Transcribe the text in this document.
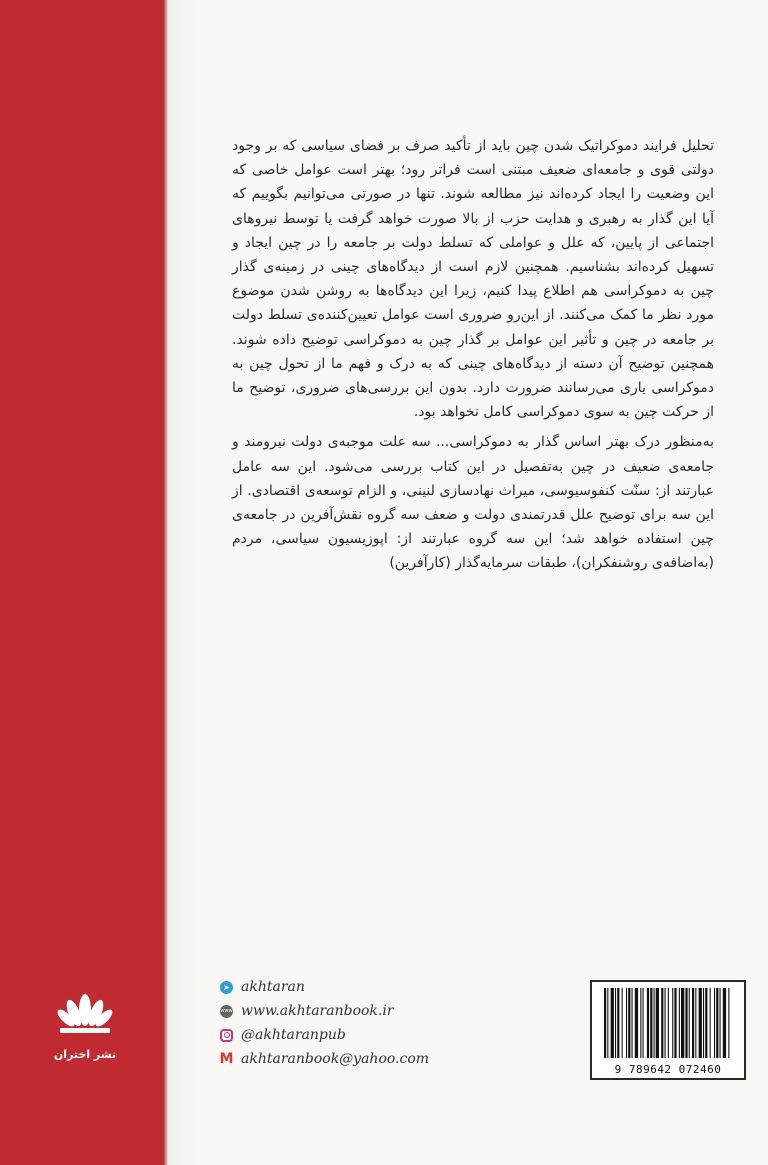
تحلیل فرایند دموکراتیک شدن چین باید از تأکید صرف بر فضای سیاسی که بر وجود دولتی قوی و جامعه‌ای ضعیف مبتنی است فراتر رود؛ بهتر است عوامل خاصی که این وضعیت را ایجاد کرده‌اند نیز مطالعه شوند. تنها در صورتی می‌توانیم بگوییم که آیا این گذار به رهبری و هدایت حزب از بالا صورت خواهد گرفت یا توسط نیروهای اجتماعی از پایین، که علل و عواملی که تسلط دولت بر جامعه را در چین ایجاد و تسهیل کرده‌اند بشناسیم. همچنین لازم است از دیدگاه‌های چینی در زمینه‌ی گذار چین به دموکراسی هم اطلاع پیدا کنیم، زیرا این دیدگاه‌ها به روشن شدن موضوع مورد نظر ما کمک می‌کنند. از این‌رو ضروری است عوامل تعیین‌کننده‌ی تسلط دولت بر جامعه در چین و تأثیر این عوامل بر گذار چین به دموکراسی توضیح داده شوند. همچنین توضیح آن دسته از دیدگاه‌های چینی که به درک و فهم ما از تحول چین به دموکراسی یاری می‌رسانند ضرورت دارد. بدون این بررسی‌های ضروری، توضیح ما از حرکت چین به سوی دموکراسی کامل نخواهد بود.

به‌منظور درک بهتر اساس گذار به دموکراسی... سه علت موجبه‌ی دولت نیرومند و جامعه‌ی ضعیف در چین به‌تفصیل در این کتاب بررسی می‌شود. این سه عامل عبارتند از: سنّت کنفوسیوسی، میراث نهادسازی لنینی، و الزام توسعه‌ی اقتصادی. از این سه برای توضیح علل قدرتمندی دولت و ضعف سه گروه نقش‌آفرین در جامعه‌ی چین استفاده خواهد شد؛ این سه گروه عبارتند از: اپوزیسیون سیاسی، مردم (به‌اضافه‌ی روشنفکران)، طبقات سرمایه‌گذار (کارآفرین)

نشر اختران
➤ akhtaran
www www.akhtaranbook.ir
@akhtaranpub
M akhtaranbook@yahoo.com
9 789642 072460
